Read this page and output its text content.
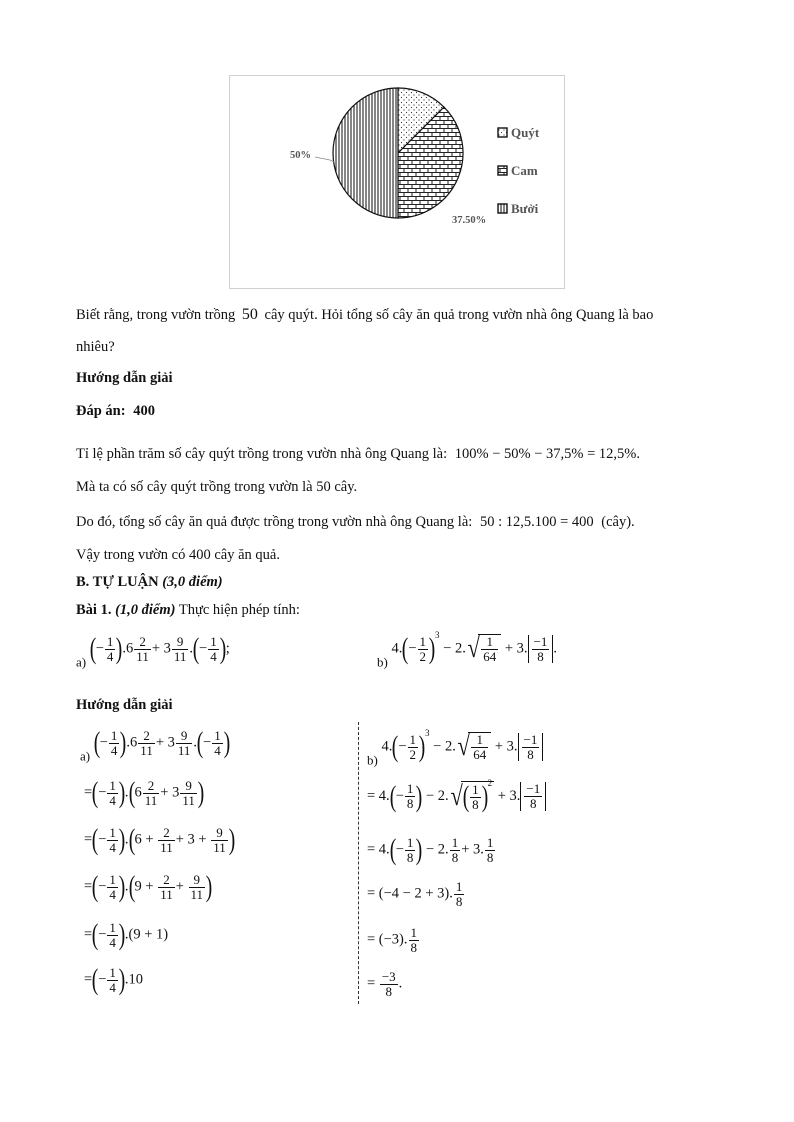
37.50%
50%
Quýt
Cam
Bưởi
Biết rằng, trong vườn trồng 50 cây quýt. Hỏi tổng số cây ăn quả trong vườn nhà ông Quang là bao
nhiêu?
Hướng dẫn giải
Đáp án: 400
Tỉ lệ phần trăm số cây quýt trồng trong vườn nhà ông Quang là: 100% − 50% − 37,5% = 12,5%.
Mà ta có số cây quýt trồng trong vườn là 50 cây.
Do đó, tổng số cây ăn quả được trồng trong vườn nhà ông Quang là: 50 : 12,5.100 = 400 (cây).
Vậy trong vườn có 400 cây ăn quả.
B. TỰ LUẬN (3,0 điểm)
Bài 1. (1,0 điểm) Thực hiện phép tính:
a) (− $\frac{1}{4} ).6 \frac{2}{11} + 3 \frac{9}{11}$ .(− $\frac{1}{4}$ );
b) $4.(- \frac{1}{2} )^3 - 2.√ \frac{1}{64} + 3$. $\frac{-1}{8}$ .
Hướng dẫn giải
a) (− $\frac{1}{4} ).6 \frac{2}{11} + 3 \frac{9}{11}$ .(− $\frac{1}{4}$ )
=(− $\frac{1}{4} ).(6 \frac{2}{11} + 3 \frac{9}{11}$ )
=(− $\frac{1}{4} ).(6 + \frac{2}{11} + 3 + \frac{9}{11}$ )
=(− $\frac{1}{4} ).(9 + \frac{2}{11} + \frac{9}{11}$ )
=(− $\frac{1}{4} ).(9 + 1)$
=(− $\frac{1}{4} ).10$
b) $4.(- \frac{1}{2} )^3 - 2.√ \frac{1}{64} + 3$. $\frac{-1}{8}$
= $4.(- \frac{1}{8}$ ) − $2.√( \frac{1}{8} )^2 + 3$. $\frac{-1}{8}$
= $4.(- \frac{1}{8}$ ) − 2. $\frac{1}{8} + 3$. $\frac{1}{8}$
= (−4 − 2 + 3). $\frac{1}{8}$
= (−3). $\frac{1}{8}$
= $\frac{-3}{8}$ .
